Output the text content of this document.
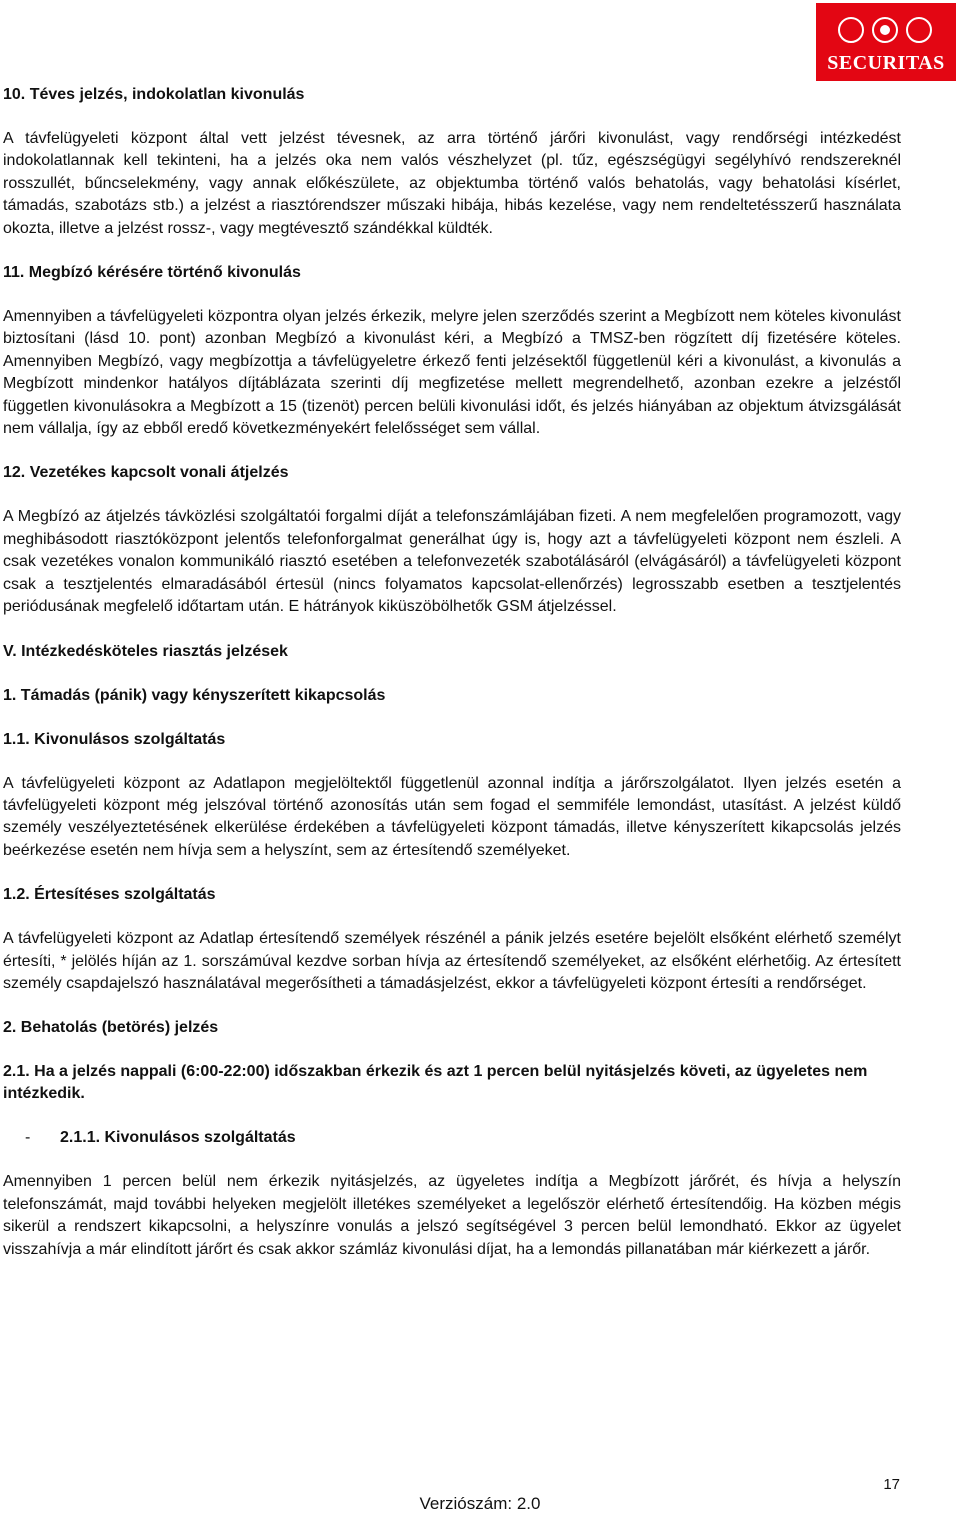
SECURITAS

10. Téves jelzés, indokolatlan kivonulás

A távfelügyeleti központ által vett jelzést tévesnek, az arra történő járőri kivonulást, vagy rendőrségi intézkedést indokolatlannak kell tekinteni, ha a jelzés oka nem valós vészhelyzet (pl. tűz, egészségügyi segélyhívó rendszereknél rosszullét, bűncselekmény, vagy annak előkészülete, az objektumba történő valós behatolás, vagy behatolási kísérlet, támadás, szabotázs stb.) a jelzést a riasztórendszer műszaki hibája, hibás kezelése, vagy nem rendeltetésszerű használata okozta, illetve a jelzést rossz-, vagy megtévesztő szándékkal küldték.

11. Megbízó kérésére történő kivonulás

Amennyiben a távfelügyeleti központra olyan jelzés érkezik, melyre jelen szerződés szerint a Megbízott nem köteles kivonulást biztosítani (lásd 10. pont) azonban Megbízó a kivonulást kéri, a Megbízó a TMSZ-ben rögzített díj fizetésére köteles. Amennyiben Megbízó, vagy megbízottja a távfelügyeletre érkező fenti jelzésektől függetlenül kéri a kivonulást, a kivonulás a Megbízott mindenkor hatályos díjtáblázata szerinti díj megfizetése mellett megrendelhető, azonban ezekre a jelzéstől független kivonulásokra a Megbízott a 15 (tizenöt) percen belüli kivonulási időt, és jelzés hiányában az objektum átvizsgálását nem vállalja, így az ebből eredő következményekért felelősséget sem vállal.

12. Vezetékes kapcsolt vonali átjelzés

A Megbízó az átjelzés távközlési szolgáltatói forgalmi díját a telefonszámlájában fizeti. A nem megfelelően programozott, vagy meghibásodott riasztóközpont jelentős telefonforgalmat generálhat úgy is, hogy azt a távfelügyeleti központ nem észleli. A csak vezetékes vonalon kommunikáló riasztó esetében a telefonvezeték szabotálásáról (elvágásáról) a távfelügyeleti központ csak a tesztjelentés elmaradásából értesül (nincs folyamatos kapcsolat-ellenőrzés) legrosszabb esetben a tesztjelentés periódusának megfelelő időtartam után. E hátrányok kiküszöbölhetők GSM átjelzéssel.

V. Intézkedésköteles riasztás jelzések

1. Támadás (pánik) vagy kényszerített kikapcsolás

1.1. Kivonulásos szolgáltatás

A távfelügyeleti központ az Adatlapon megjelöltektől függetlenül azonnal indítja a járőrszolgálatot. Ilyen jelzés esetén a távfelügyeleti központ még jelszóval történő azonosítás után sem fogad el semmiféle lemondást, utasítást. A jelzést küldő személy veszélyeztetésének elkerülése érdekében a távfelügyeleti központ támadás, illetve kényszerített kikapcsolás jelzés beérkezése esetén nem hívja sem a helyszínt, sem az értesítendő személyeket.

1.2. Értesítéses szolgáltatás

A távfelügyeleti központ az Adatlap értesítendő személyek részénél a pánik jelzés esetére bejelölt elsőként elérhető személyt értesíti, * jelölés híján az 1. sorszámúval kezdve sorban hívja az értesítendő személyeket, az elsőként elérhetőig. Az értesített személy csapdajelszó használatával megerősítheti a támadásjelzést, ekkor a távfelügyeleti központ értesíti a rendőrséget.

2. Behatolás (betörés) jelzés

2.1. Ha a jelzés nappali (6:00-22:00) időszakban érkezik és azt 1 percen belül nyitásjelzés követi, az ügyeletes nem intézkedik.

- 2.1.1. Kivonulásos szolgáltatás

Amennyiben 1 percen belül nem érkezik nyitásjelzés, az ügyeletes indítja a Megbízott járőrét, és hívja a helyszín telefonszámát, majd további helyeken megjelölt illetékes személyeket a legelőször elérhető értesítendőig. Ha közben mégis sikerül a rendszert kikapcsolni, a helyszínre vonulás a jelszó segítségével 3 percen belül lemondható. Ekkor az ügyelet visszahívja a már elindított járőrt és csak akkor számláz kivonulási díjat, ha a lemondás pillanatában már kiérkezett a járőr.

17
Verziószám: 2.0
